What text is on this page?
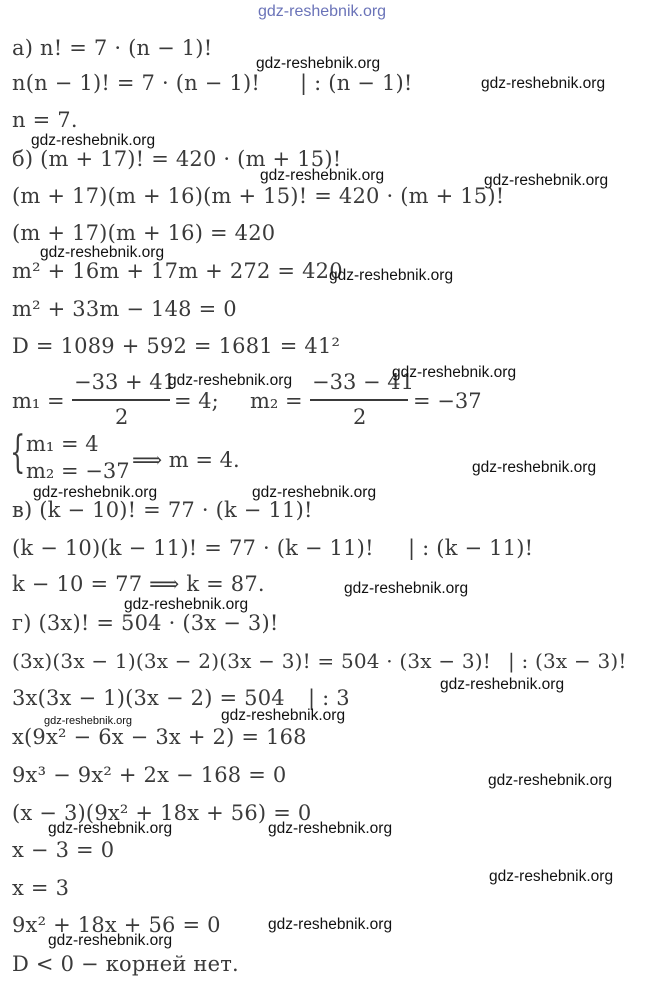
а) n! = 7 · (n − 1)!
n(n − 1)! = 7 · (n − 1)! | : (n − 1)!
n = 7.
б) (m + 17)! = 420 · (m + 15)!
(m + 17)(m + 16)(m + 15)! = 420 · (m + 15)!
(m + 17)(m + 16) = 420
m² + 16m + 17m + 272 = 420
m² + 33m − 148 = 0
D = 1089 + 592 = 1681 = 41²
m₁ =
−33 + 41
2
= 4; m₂ =
−33 − 41
2
= −37
{ m₁ = 4
m₂ = −37 ⟹ m = 4.
в) (k − 10)! = 77 · (k − 11)!
(k − 10)(k − 11)! = 77 · (k − 11)! | : (k − 11)!
k − 10 = 77 ⟹ k = 87.
г) (3x)! = 504 · (3x − 3)!
(3x)(3x − 1)(3x − 2)(3x − 3)! = 504 · (3x − 3)! | : (3x − 3)!
3x(3x − 1)(3x − 2) = 504 | : 3
x(9x² − 6x − 3x + 2) = 168
9x³ − 9x² + 2x − 168 = 0
(x − 3)(9x² + 18x + 56) = 0
x − 3 = 0
x = 3
9x² + 18x + 56 = 0
D < 0 − корней нет.
gdz-reshebnik.org
gdz-reshebnik.org
gdz-reshebnik.org
gdz-reshebnik.org
gdz-reshebnik.org	gdz-reshebnik.org
gdz-reshebnik.org
gdz-reshebnik.org
gdz-reshebnik.org
gdz-reshebnik.org
gdz-reshebnik.org
gdz-reshebnik.org	gdz-reshebnik.org
gdz-reshebnik.org
gdz-reshebnik.org
gdz-reshebnik.org
gdz-reshebnik.org	gdz-reshebnik.org
gdz-reshebnik.org
gdz-reshebnik.org	gdz-reshebnik.org
gdz-reshebnik.org
gdz-reshebnik.org
gdz-reshebnik.org
